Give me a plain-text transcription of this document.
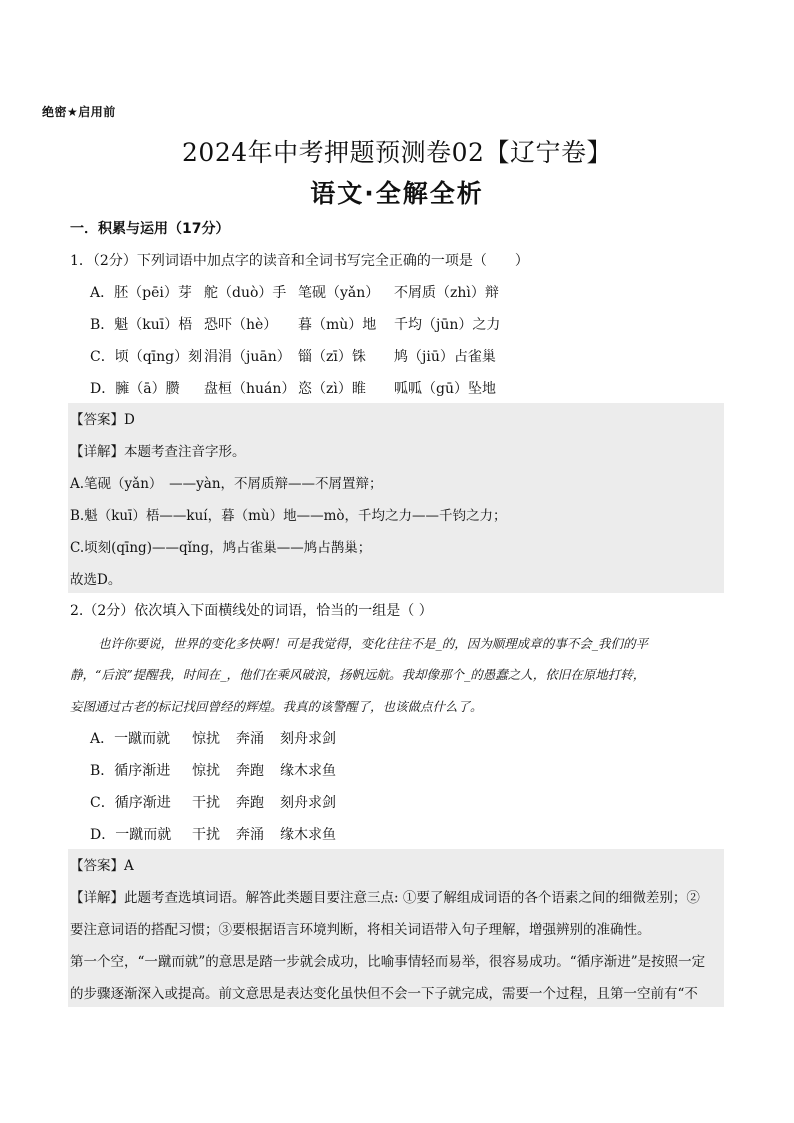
绝密★启用前
2024年中考押题预测卷02【辽宁卷】
语文·全解全析
一．积累与运用（17分）
1．（2分）下列词语中加点字的读音和全词书写完全正确的一项是（　　）
A．胚（pēi）芽 舵（duò）手 笔砚（yǎn） 不屑质（zhì）辩
B．魁（kuī）梧 恐吓（hè） 暮（mù）地 千均（jūn）之力
C．顷（qīng）刻 涓涓（juān） 锱（zī）铢 鸠（jiū）占雀巢
D．臃（ā）臜 盘桓（huán） 恣（zì）睢 呱呱（gū）坠地
【答案】D
【详解】本题考查注音字形。
A.笔砚（yǎn）　——yàn，不屑质辩——不屑置辩；
B.魁（kuī）梧——kuí，暮（mù）地——mò，千均之力——千钧之力；
C.顷刻(qīng)——qǐng，鸠占雀巢——鸠占鹊巢；
故选D。
2.（2分）依次填入下面横线处的词语，恰当的一组是（ ）
也许你要说，世界的变化多快啊！可是我觉得，变化往往不是_的，因为顺理成章的事不会_我们的平
静，“后浪”提醒我，时间在_，他们在乘风破浪，扬帆远航。我却像那个_的愚蠢之人，依旧在原地打转，
妄图通过古老的标记找回曾经的辉煌。我真的该警醒了，也该做点什么了。
A．一蹴而就 惊扰 奔涌 刻舟求剑
B．循序渐进 惊扰 奔跑 缘木求鱼
C．循序渐进 干扰 奔跑 刻舟求剑
D．一蹴而就 干扰 奔涌 缘木求鱼
【答案】A
【详解】此题考查选填词语。解答此类题目要注意三点: ①要了解组成词语的各个语素之间的细微差别；②
要注意词语的搭配习惯；③要根据语言环境判断，将相关词语带入句子理解，增强辨别的准确性。
第一个空，“一蹴而就”的意思是踏一步就会成功，比喻事情轻而易举，很容易成功。“循序渐进”是按照一定
的步骤逐渐深入或提高。前文意思是表达变化虽快但不会一下子就完成，需要一个过程，且第一空前有“不
